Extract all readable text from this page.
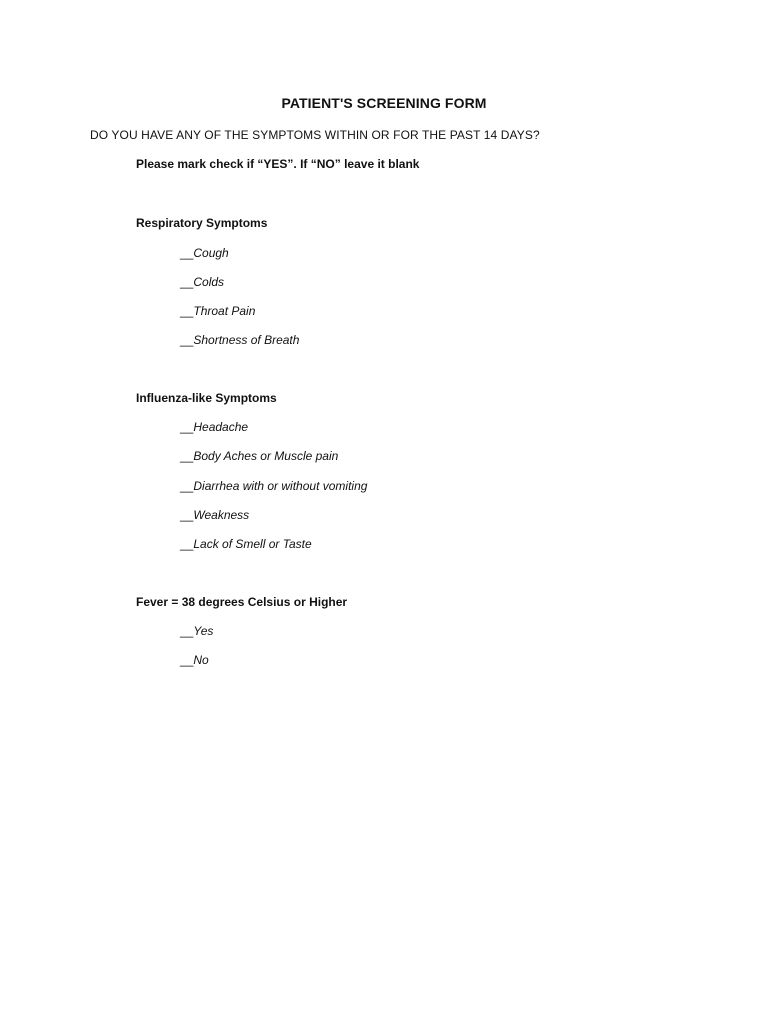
PATIENT'S SCREENING FORM
DO YOU HAVE ANY OF THE SYMPTOMS WITHIN OR FOR THE PAST 14 DAYS?
Please mark check if “YES”. If “NO” leave it blank
Respiratory Symptoms
__Cough
__Colds
__Throat Pain
__Shortness of Breath
Influenza-like Symptoms
__Headache
__Body Aches or Muscle pain
__Diarrhea with or without vomiting
__Weakness
__Lack of Smell or Taste
Fever = 38 degrees Celsius or Higher
__Yes
__No
